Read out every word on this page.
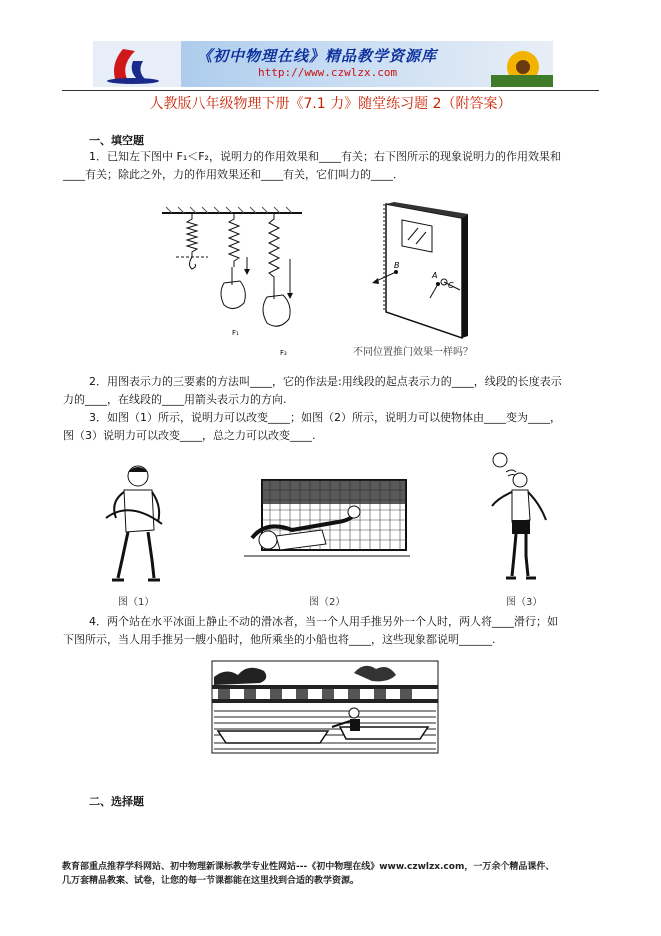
《初中物理在线》精品教学资源库
http://www.czwlzx.com
人教版八年级物理下册《7.1 力》随堂练习题 2（附答案）
一、填空题
1．已知左下图中 F₁＜F₂，说明力的作用效果和____有关；右下图所示的现象说明力的作用效果和
____有关；除此之外，力的作用效果还和____有关，它们叫力的____．
F₁
F₂
B
A
C
不同位置推门效果一样吗？
2．用图表示力的三要素的方法叫____，它的作法是:用线段的起点表示力的____，线段的长度表示
力的____，在线段的____用箭头表示力的方向.
3．如图（1）所示，说明力可以改变____；如图（2）所示，说明力可以使物体由____变为____，
图（3）说明力可以改变____，总之力可以改变____.
图（1）	图（2）	图（3）
4．两个站在水平冰面上静止不动的滑冰者，当一个人用手推另外一个人时，两人将____滑行；如
下图所示，当人用手推另一艘小船时，他所乘坐的小船也将____，这些现象都说明______.
二、选择题
教育部重点推荐学科网站、初中物理新课标教学专业性网站---《初中物理在线》www.czwlzx.com，一万余个精品课件、
几万套精品教案、试卷，让您的每一节课都能在这里找到合适的教学资源。
